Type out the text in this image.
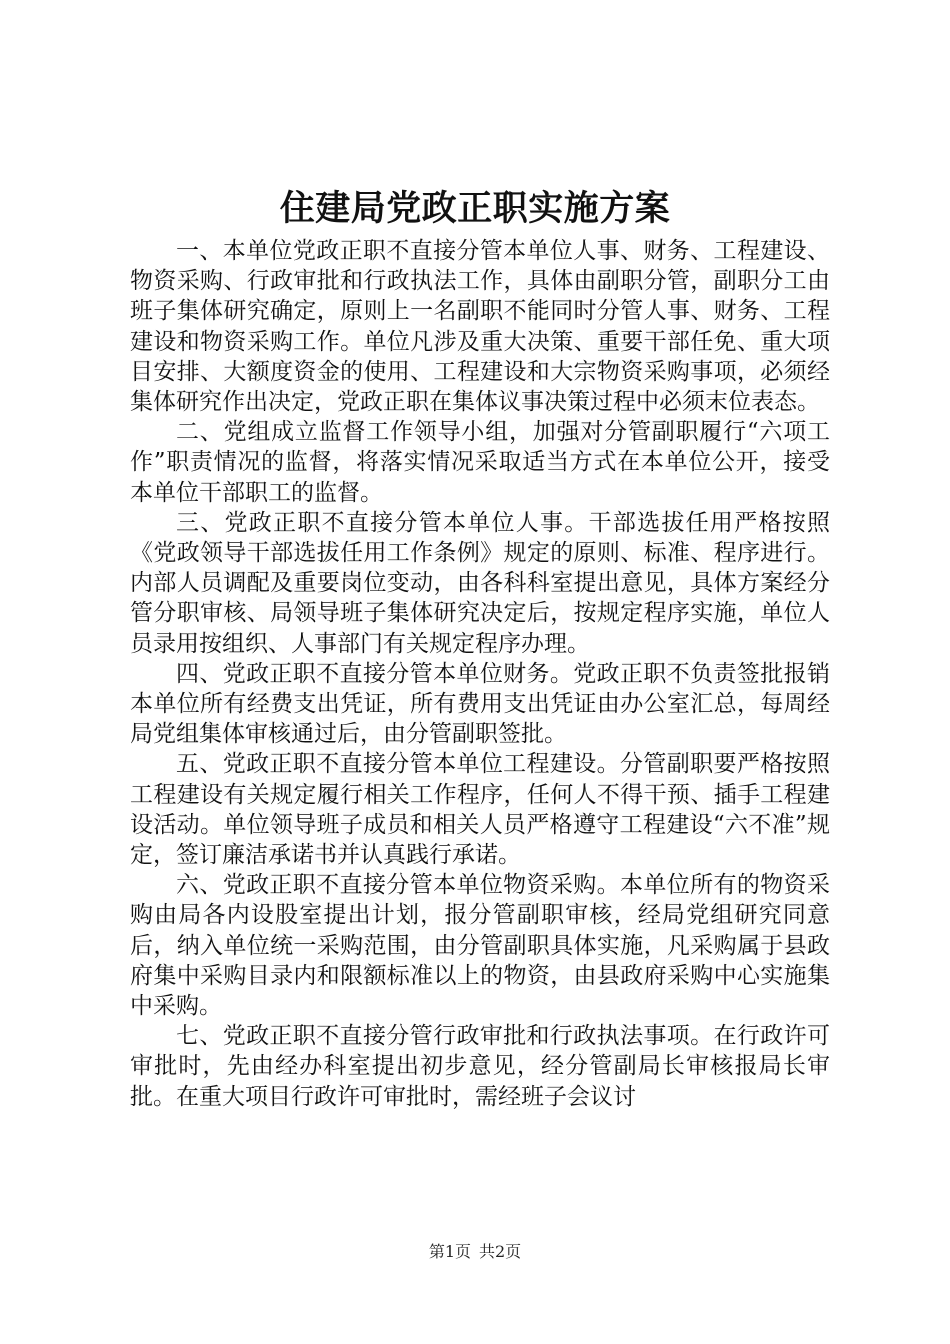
住建局党政正职实施方案

一、本单位党政正职不直接分管本单位人事、财务、工程建设、物资采购、行政审批和行政执法工作，具体由副职分管，副职分工由班子集体研究确定，原则上一名副职不能同时分管人事、财务、工程建设和物资采购工作。单位凡涉及重大决策、重要干部任免、重大项目安排、大额度资金的使用、工程建设和大宗物资采购事项，必须经集体研究作出决定，党政正职在集体议事决策过程中必须末位表态。

二、党组成立监督工作领导小组，加强对分管副职履行“六项工作”职责情况的监督，将落实情况采取适当方式在本单位公开，接受本单位干部职工的监督。

三、党政正职不直接分管本单位人事。干部选拔任用严格按照《党政领导干部选拔任用工作条例》规定的原则、标准、程序进行。内部人员调配及重要岗位变动，由各科科室提出意见，具体方案经分管分职审核、局领导班子集体研究决定后，按规定程序实施，单位人员录用按组织、人事部门有关规定程序办理。

四、党政正职不直接分管本单位财务。党政正职不负责签批报销本单位所有经费支出凭证，所有费用支出凭证由办公室汇总，每周经局党组集体审核通过后，由分管副职签批。

五、党政正职不直接分管本单位工程建设。分管副职要严格按照工程建设有关规定履行相关工作程序，任何人不得干预、插手工程建设活动。单位领导班子成员和相关人员严格遵守工程建设“六不准”规定，签订廉洁承诺书并认真践行承诺。

六、党政正职不直接分管本单位物资采购。本单位所有的物资采购由局各内设股室提出计划，报分管副职审核，经局党组研究同意后，纳入单位统一采购范围，由分管副职具体实施，凡采购属于县政府集中采购目录内和限额标准以上的物资，由县政府采购中心实施集中采购。

七、党政正职不直接分管行政审批和行政执法事项。在行政许可审批时，先由经办科室提出初步意见，经分管副局长审核报局长审批。在重大项目行政许可审批时，需经班子会议讨

第1页 共2页
